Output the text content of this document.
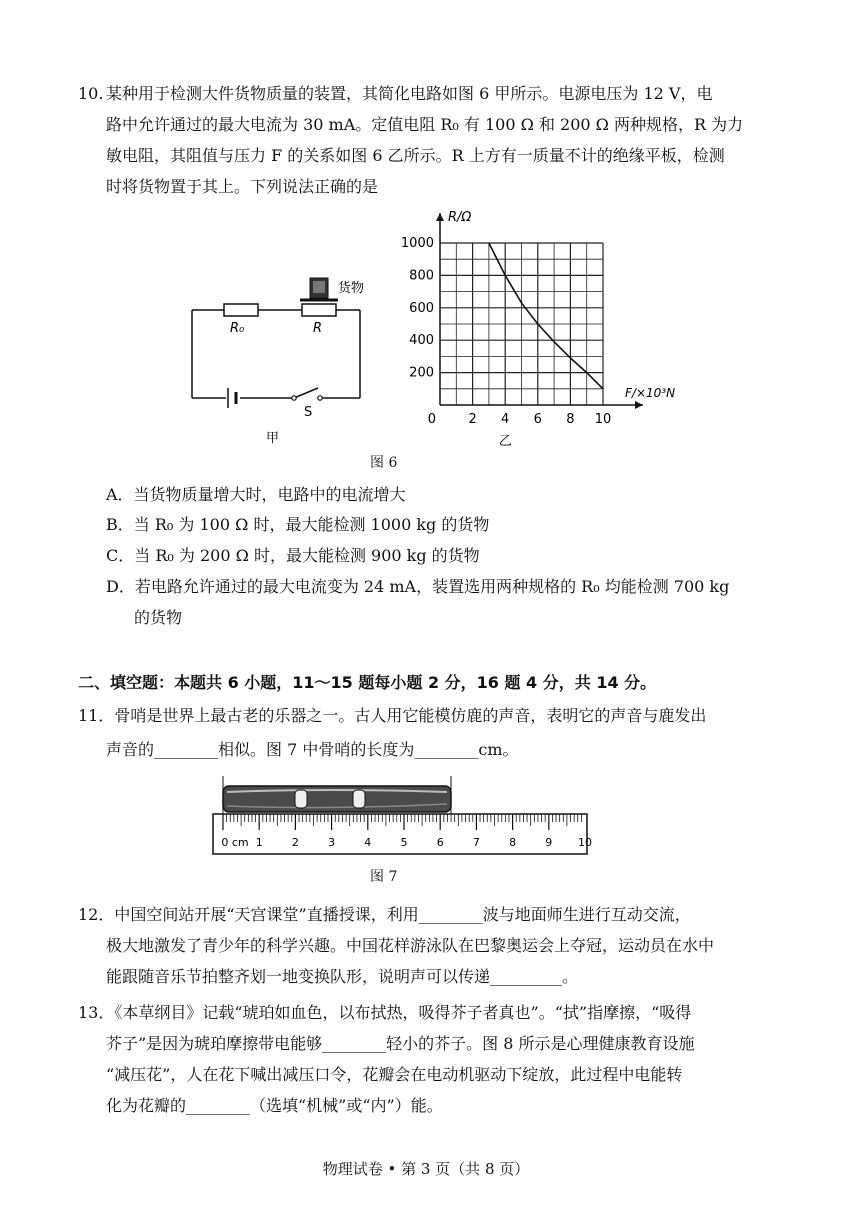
10. 某种用于检测大件货物质量的装置，其简化电路如图 6 甲所示。电源电压为 12 V，电
路中允许通过的最大电流为 30 mA。定值电阻 R₀ 有 100 Ω 和 200 Ω 两种规格，R 为力
敏电阻，其阻值与压力 F 的关系如图 6 乙所示。R 上方有一质量不计的绝缘平板，检测
时将货物置于其上。下列说法正确的是
货物
R₀	R
S
甲
2 4 6 8 10
200
400
600
800
1000
0
R/Ω
F/×10³N
乙
图 6
A．当货物质量增大时，电路中的电流增大
B．当 R₀ 为 100 Ω 时，最大能检测 1000 kg 的货物
C．当 R₀ 为 200 Ω 时，最大能检测 900 kg 的货物
D．若电路允许通过的最大电流变为 24 mA，装置选用两种规格的 R₀ 均能检测 700 kg
的货物
二、填空题：本题共 6 小题，11～15 题每小题 2 分，16 题 4 分，共 14 分。
11．骨哨是世界上最古老的乐器之一。古人用它能模仿鹿的声音，表明它的声音与鹿发出
声音的________相似。图 7 中骨哨的长度为________cm。
0 cm 1	2	3	4	5	6	7	8	9 10
图 7
12．中国空间站开展“天宫课堂”直播授课，利用________波与地面师生进行互动交流，
极大地激发了青少年的科学兴趣。中国花样游泳队在巴黎奥运会上夺冠，运动员在水中
能跟随音乐节拍整齐划一地变换队形，说明声可以传递_________。
13．《本草纲目》记载“琥珀如血色，以布拭热，吸得芥子者真也”。“拭”指摩擦，“吸得
芥子”是因为琥珀摩擦带电能够________轻小的芥子。图 8 所示是心理健康教育设施
“减压花”，人在花下喊出减压口令，花瓣会在电动机驱动下绽放，此过程中电能转
化为花瓣的________（选填“机械”或“内”）能。
物理试卷 • 第 3 页（共 8 页）
